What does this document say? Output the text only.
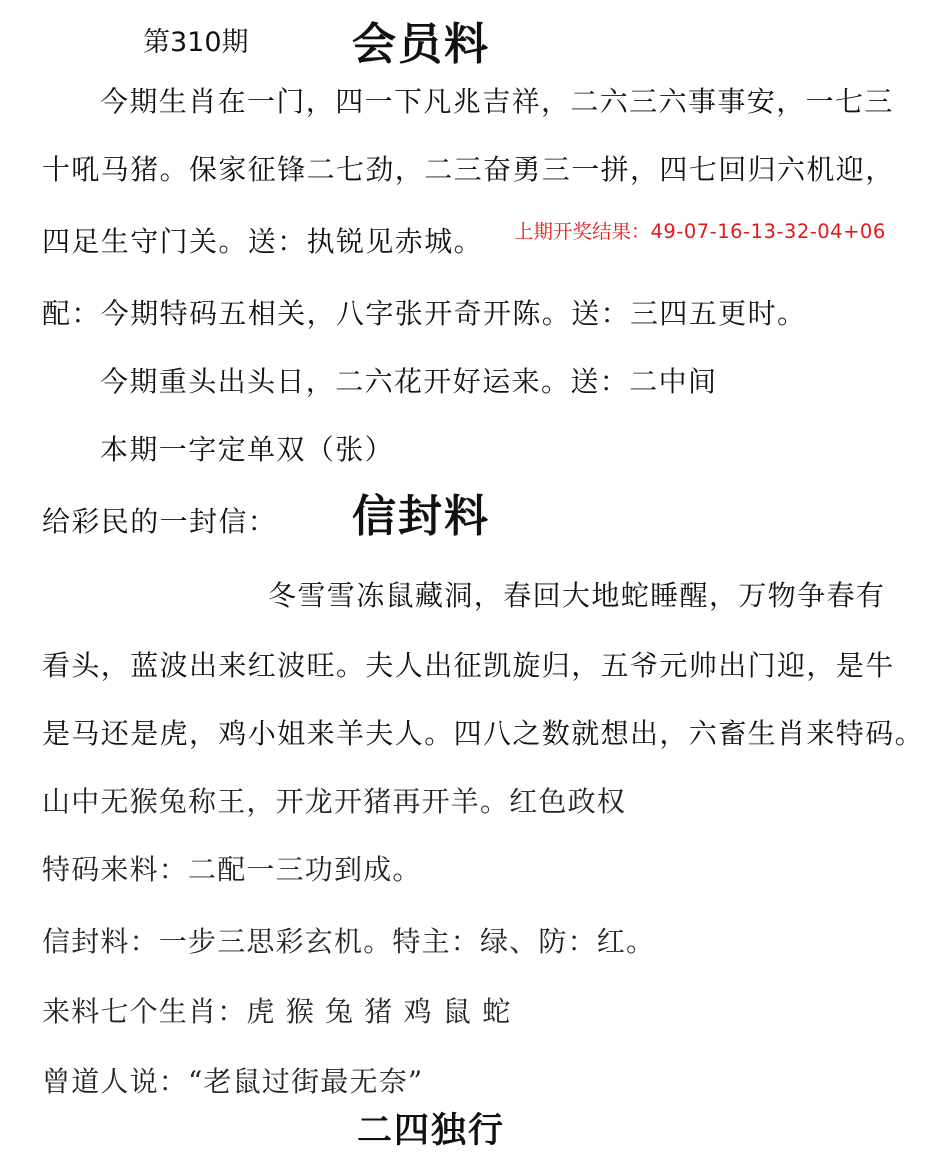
第310期 会员料
今期生肖在一门，四一下凡兆吉祥，二六三六事事安，一七三
十吼马猪。保家征锋二七劲，二三奋勇三一拼，四七回归六机迎，
四足生守门关。送：执锐见赤城。 上期开奖结果：49-07-16-13-32-04+06
配：今期特码五相关，八字张开奇开陈。送：三四五更时。
今期重头出头日，二六花开好运来。送：二中间
本期一字定单双（张）
给彩民的一封信： 信封料
冬雪雪冻鼠藏洞，春回大地蛇睡醒，万物争春有
看头，蓝波出来红波旺。夫人出征凯旋归，五爷元帅出门迎，是牛
是马还是虎，鸡小姐来羊夫人。四八之数就想出，六畜生肖来特码。
山中无猴兔称王，开龙开猪再开羊。红色政权
特码来料：二配一三功到成。
信封料：一步三思彩玄机。特主：绿、防：红。
来料七个生肖：虎 猴 兔 猪 鸡 鼠 蛇
曾道人说：“老鼠过街最无奈”
二四独行
